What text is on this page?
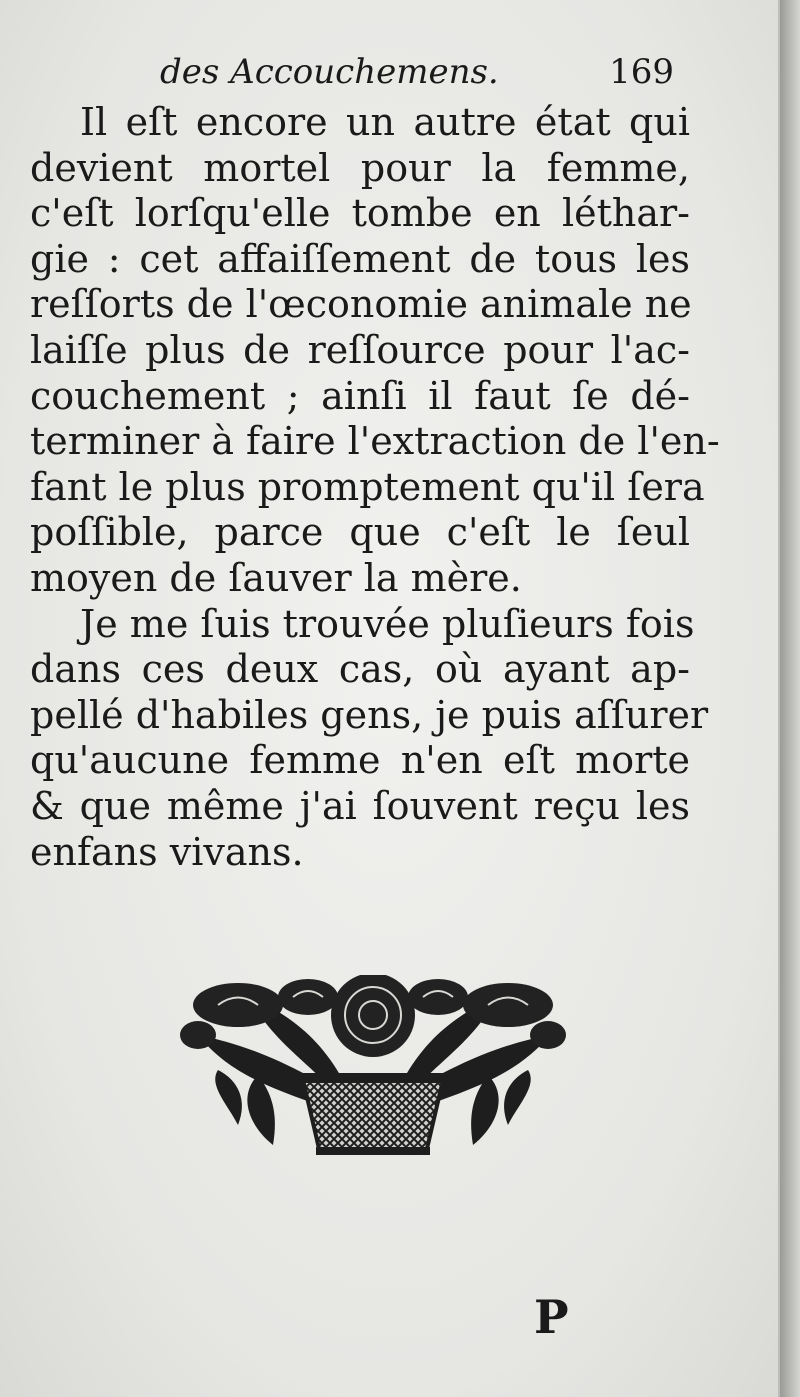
des Accouchemens.	169
Il eſt encore un autre état qui
devient mortel pour la femme,
c'eſt lorſqu'elle tombe en léthar-
gie : cet affaiſſement de tous les
reſſorts de l'œconomie animale ne
laiſſe plus de reſſource pour l'ac-
couchement ; ainſi il faut ſe dé-
terminer à faire l'extraction de l'en-
fant le plus promptement qu'il ſera
poſſible, parce que c'eſt le ſeul
moyen de ſauver la mère.
Je me ſuis trouvée pluſieurs fois
dans ces deux cas, où ayant ap-
pellé d'habiles gens, je puis aſſurer
qu'aucune femme n'en eſt morte
& que même j'ai ſouvent reçu les
enfans vivans.
P
